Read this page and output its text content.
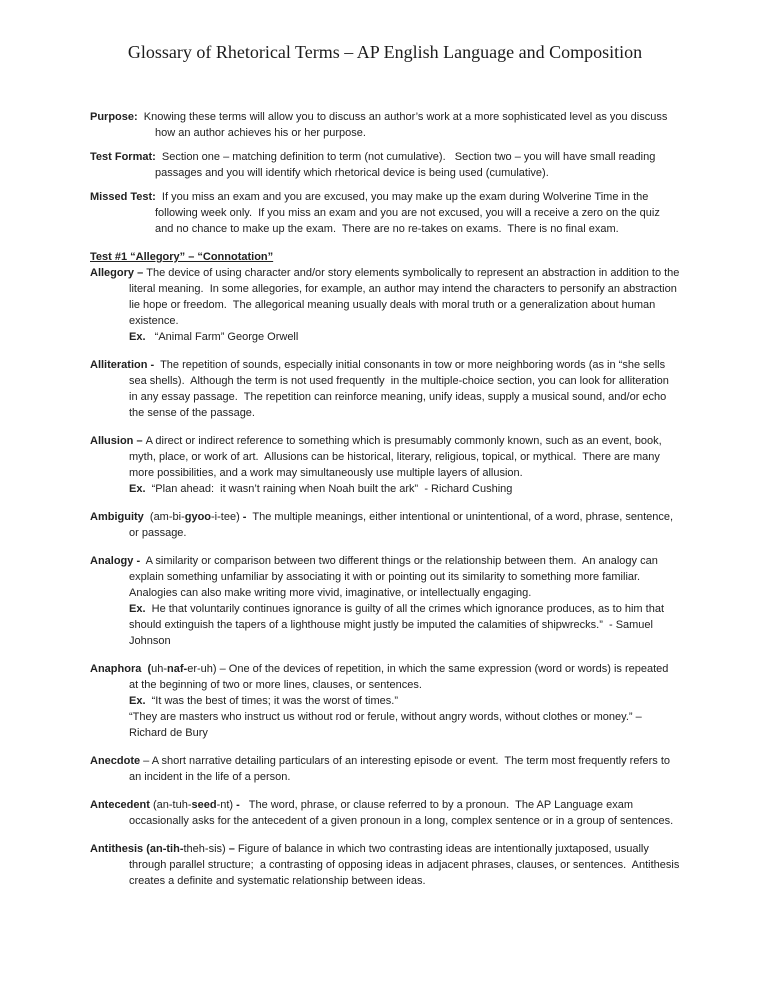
Glossary of Rhetorical Terms – AP English Language and Composition

Purpose:  Knowing these terms will allow you to discuss an author’s work at a more sophisticated level as you discuss how an author achieves his or her purpose.

Test Format:  Section one – matching definition to term (not cumulative).   Section two – you will have small reading passages and you will identify which rhetorical device is being used (cumulative).

Missed Test:  If you miss an exam and you are excused, you may make up the exam during Wolverine Time in the following week only.  If you miss an exam and you are not excused, you will a receive a zero on the quiz and no chance to make up the exam.  There are no re-takes on exams.  There is no final exam.

Test #1 “Allegory” – “Connotation”

Allegory – The device of using character and/or story elements symbolically to represent an abstraction in addition to the literal meaning.  In some allegories, for example, an author may intend the characters to personify an abstraction lie hope or freedom.  The allegorical meaning usually deals with moral truth or a generalization about human existence.

Ex.   “Animal Farm” George Orwell

Alliteration -  The repetition of sounds, especially initial consonants in tow or more neighboring words (as in “she sells sea shells).  Although the term is not used frequently  in the multiple-choice section, you can look for alliteration in any essay passage.  The repetition can reinforce meaning, unify ideas, supply a musical sound, and/or echo the sense of the passage.

Allusion – A direct or indirect reference to something which is presumably commonly known, such as an event, book, myth, place, or work of art.  Allusions can be historical, literary, religious, topical, or mythical.  There are many more possibilities, and a work may simultaneously use multiple layers of allusion.

Ex.  “Plan ahead:  it wasn’t raining when Noah built the ark”  - Richard Cushing

Ambiguity  (am-bi-gyoo-i-tee) -  The multiple meanings, either intentional or unintentional, of a word, phrase, sentence, or passage.

Analogy -  A similarity or comparison between two different things or the relationship between them.  An analogy can explain something unfamiliar by associating it with or pointing out its similarity to something more familiar.  Analogies can also make writing more vivid, imaginative, or intellectually engaging.

Ex.  He that voluntarily continues ignorance is guilty of all the crimes which ignorance produces, as to him that should extinguish the tapers of a lighthouse might justly be imputed the calamities of shipwrecks.”  - Samuel Johnson

Anaphora  (uh-naf-er-uh) – One of the devices of repetition, in which the same expression (word or words) is repeated at the beginning of two or more lines, clauses, or sentences.

Ex.  “It was the best of times; it was the worst of times.”

“They are masters who instruct us without rod or ferule, without angry words, without clothes or money.” – Richard de Bury

Anecdote – A short narrative detailing particulars of an interesting episode or event.  The term most frequently refers to an incident in the life of a person.

Antecedent (an-tuh-seed-nt) -   The word, phrase, or clause referred to by a pronoun.  The AP Language exam occasionally asks for the antecedent of a given pronoun in a long, complex sentence or in a group of sentences.

Antithesis (an-tih-theh-sis) – Figure of balance in which two contrasting ideas are intentionally juxtaposed, usually through parallel structure;  a contrasting of opposing ideas in adjacent phrases, clauses, or sentences.  Antithesis creates a definite and systematic relationship between ideas.
